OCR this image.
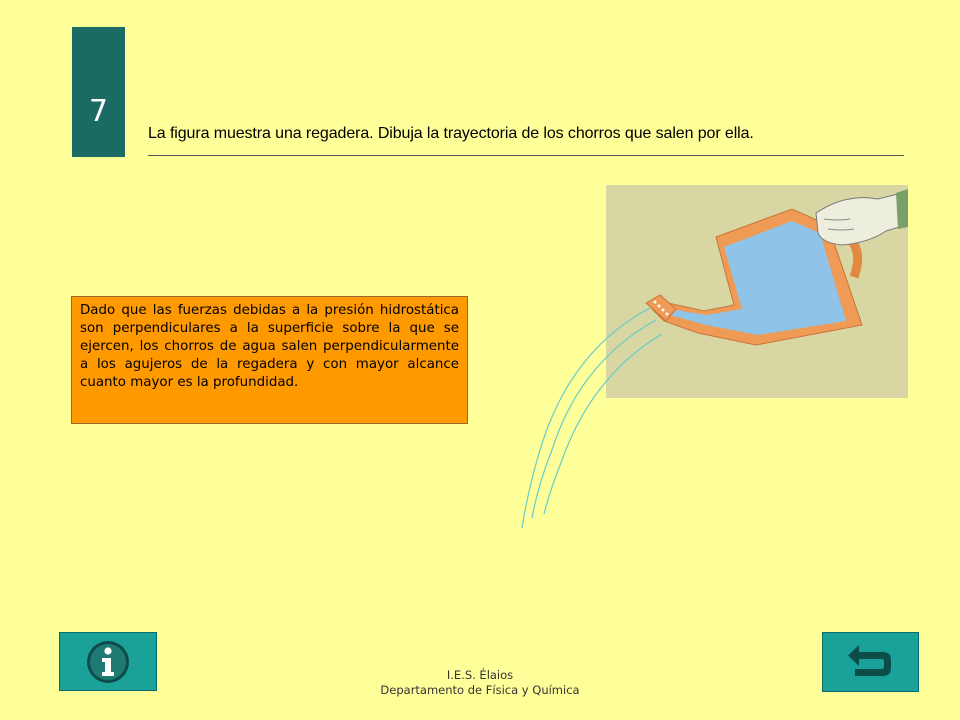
7
La figura muestra una regadera. Dibuja la trayectoria de los chorros que salen por ella.
Dado que las fuerzas debidas a la presión hidrostática son perpendiculares a la superficie sobre la que se ejercen, los chorros de agua salen perpendicularmente a los agujeros de la regadera y con mayor alcance cuanto mayor es la profundidad.
I.E.S. Élaios
Departamento de Física y Química
